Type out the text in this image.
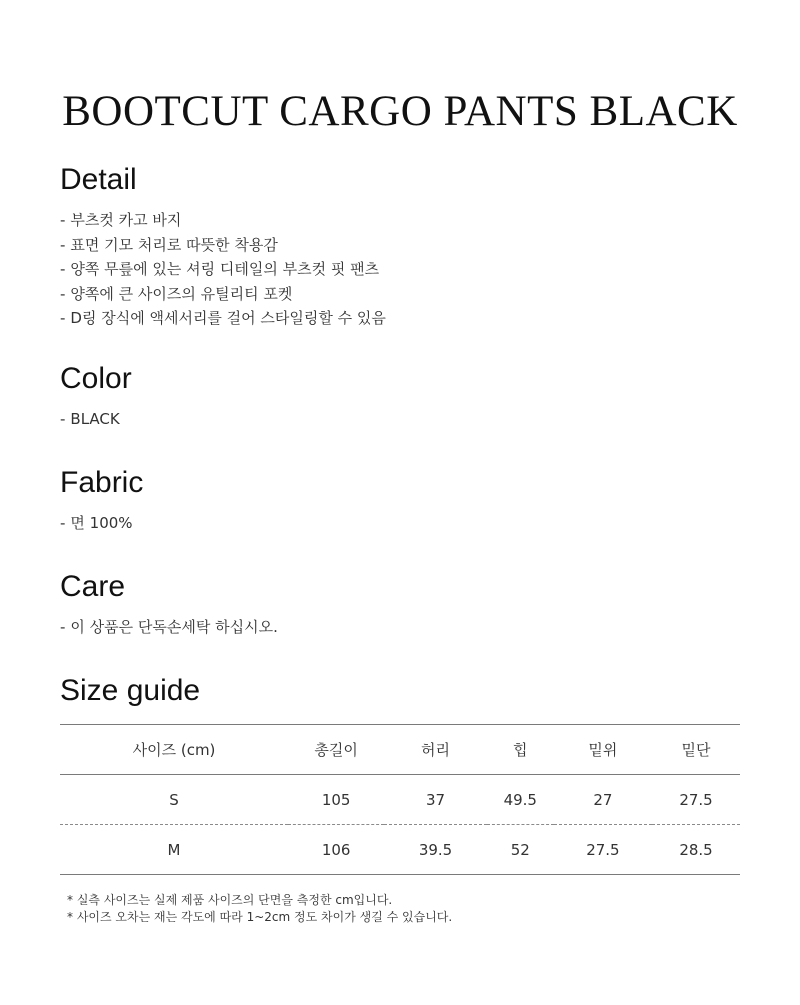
BOOTCUT CARGO PANTS BLACK
Detail
- 부츠컷 카고 바지
- 표면 기모 처리로 따뜻한 착용감
- 양쪽 무릎에 있는 셔링 디테일의 부츠컷 핏 팬츠
- 양쪽에 큰 사이즈의 유틸리티 포켓
- D링 장식에 액세서리를 걸어 스타일링할 수 있음
Color
- BLACK
Fabric
- 면 100%
Care
- 이 상품은 단독손세탁 하십시오.
Size guide
사이즈 (cm)	총길이	허리	힙	밑위	밑단
S	105	37	49.5	27	27.5
M	106	39.5	52	27.5	28.5
* 실측 사이즈는 실제 제품 사이즈의 단면을 측정한 cm입니다.
* 사이즈 오차는 재는 각도에 따라 1~2cm 정도 차이가 생길 수 있습니다.
